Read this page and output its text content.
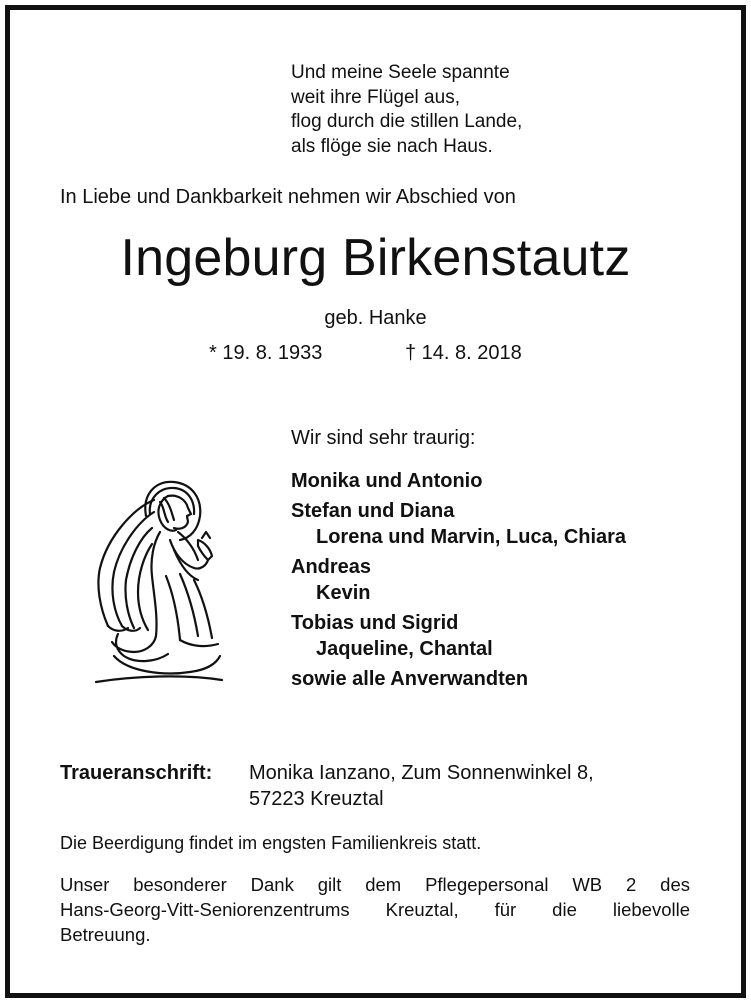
Und meine Seele spannte
weit ihre Flügel aus,
flog durch die stillen Lande,
als flöge sie nach Haus.
In Liebe und Dankbarkeit nehmen wir Abschied von
Ingeburg Birkenstautz
geb. Hanke
* 19. 8. 1933	† 14. 8. 2018
Wir sind sehr traurig:
Monika und Antonio
Stefan und Diana
Lorena und Marvin, Luca, Chiara
Andreas
Kevin
Tobias und Sigrid
Jaqueline, Chantal
sowie alle Anverwandten
Traueranschrift: Monika Ianzano, Zum Sonnenwinkel 8,
57223 Kreuztal
Die Beerdigung findet im engsten Familienkreis statt.
Unser besonderer Dank gilt dem Pflegepersonal WB 2 des
Hans-Georg-Vitt-Seniorenzentrums Kreuztal, für die liebevolle
Betreuung.
